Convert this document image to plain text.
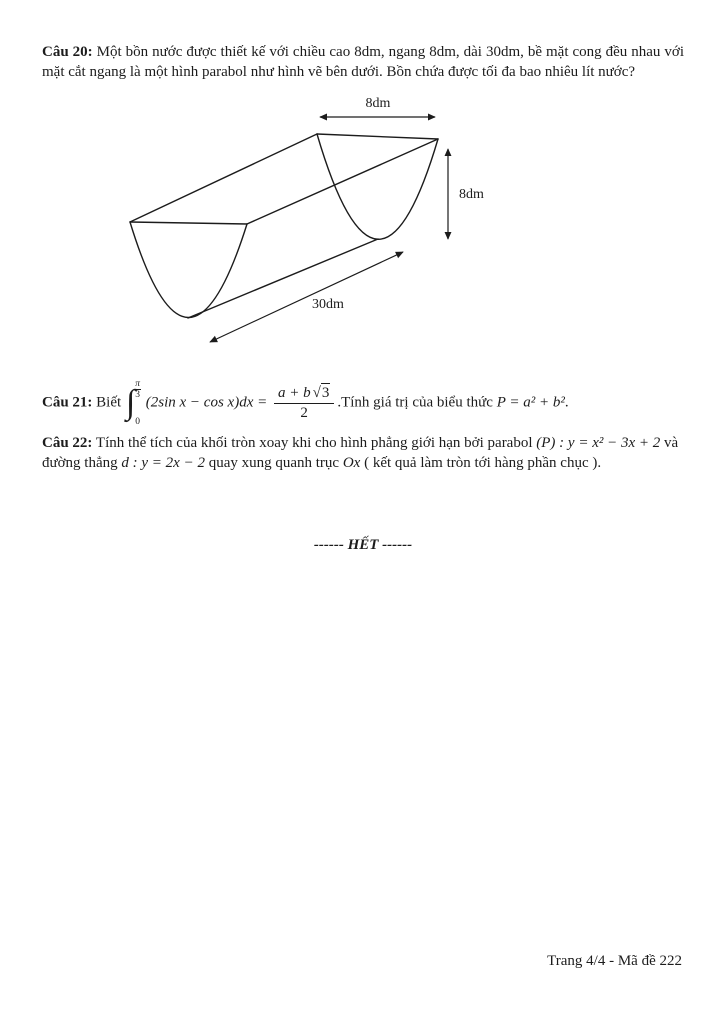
Câu 20: Một bồn nước được thiết kế với chiều cao 8dm, ngang 8dm, dài 30dm, bề mặt cong đều nhau với mặt cắt ngang là một hình parabol như hình vẽ bên dưới. Bồn chứa được tối đa bao nhiêu lít nước?

8dm
8dm
30dm
Câu 21: Biết ∫ $\frac{\pi}{3}$
0
(2sin $x - \cos x)dx = \frac{a + b √ 3}{2}$ .Tính giá trị của biểu thức P = a² + b².

Câu 22: Tính thể tích của khối tròn xoay khi cho hình phẳng giới hạn bởi parabol (P) : y = x² − 3x + 2 và đường thẳng d : y = 2x − 2 quay xung quanh trục Ox ( kết quả làm tròn tới hàng phần chục ).

------ HẾT ------

Trang 4/4 - Mã đề 222
